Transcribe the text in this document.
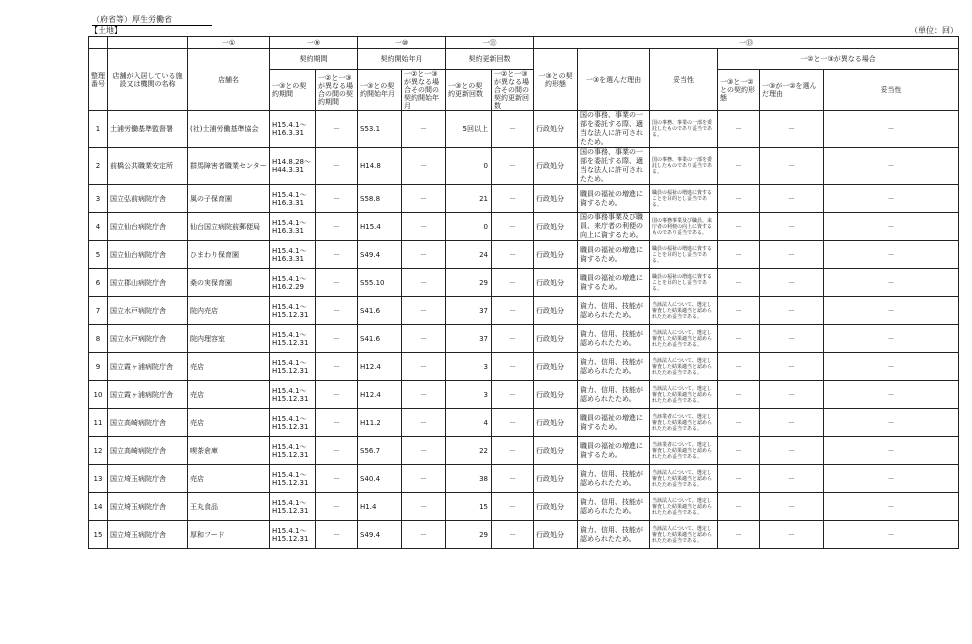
（府省等）厚生労働省
【土地】	（単位：回）
		一①	一⑨		一⑩		一⑪		一⑬					
整理番号	店舗が入居している施設又は機関の名称	店舗名	契約期間		契約開始年月		契約更新回数		一③との契約形態	一③を選んだ理由	妥当性	一②と一③が異なる場合		
			一③との契約期間	一②と一③が異なる場合の間の契約期間	一③との契約開始年月	一②と一③が異なる場合その間の契約開始年月	一③との契約更新回数	一②と一③が異なる場合その間の契約更新回数				一③と一②との契約形態	一③が一②を選んだ理由	妥当性
1	土浦労働基準監督署	(社)土浦労働基準協会	H15.4.1～H16.3.31	－	S53.1	－	5回以上	－	行政処分	国の事務、事業の一部を委託する際、適当な法人に許可されたため。	国の事務、事業の一部を委託したものであり妥当である。	－	－	－
2	前橋公共職業安定所	群馬障害者職業センター	H14.8.28～H44.3.31	－	H14.8	－	0	－	行政処分	国の事務、事業の一部を委託する際、適当な法人に許可されたため。	国の事務、事業の一部を委託したものであり妥当である。	－	－	－
3	国立弘前病院庁舎	風の子保育園	H15.4.1～H16.3.31	－	S58.8	－	21	－	行政処分	職員の福祉の増進に資するため。	職員の福祉の増進に資することを目的とし妥当である。	－	－	－
4	国立仙台病院庁舎	仙台国立病院前郵便局	H15.4.1～H16.3.31	－	H15.4	－	0	－	行政処分	国の事務事業及び職員、来庁者の利便の向上に資するため。	国の事務事業及び職員、来庁者の利便の向上に資するものであり妥当である。	－	－	－
5	国立仙台病院庁舎	ひまわり保育園	H15.4.1～H16.3.31	－	S49.4	－	24	－	行政処分	職員の福祉の増進に資するため。	職員の福祉の増進に資することを目的とし妥当である。	－	－	－
6	国立郡山病院庁舎	桑の実保育園	H15.4.1～H16.2.29	－	S55.10	－	29	－	行政処分	職員の福祉の増進に資するため。	職員の福祉の増進に資することを目的とし妥当である。	－	－	－
7	国立水戸病院庁舎	院内売店	H15.4.1～H15.12.31	－	S41.6	－	37	－	行政処分	資力、信用、技能が認められたため。	当該法人について、選定し審査した結果適当と認められたため妥当である。	－	－	－
8	国立水戸病院庁舎	院内理容室	H15.4.1～H15.12.31	－	S41.6	－	37	－	行政処分	資力、信用、技能が認められたため。	当該法人について、選定し審査した結果適当と認められたため妥当である。	－	－	－
9	国立霞ヶ浦病院庁舎	売店	H15.4.1～H15.12.31	－	H12.4	－	3	－	行政処分	資力、信用、技能が認められたため。	当該法人について、選定し審査した結果適当と認められたため妥当である。	－	－	－
10	国立霞ヶ浦病院庁舎	売店	H15.4.1～H15.12.31	－	H12.4	－	3	－	行政処分	資力、信用、技能が認められたため。	当該法人について、選定し審査した結果適当と認められたため妥当である。	－	－	－
11	国立高崎病院庁舎	売店	H15.4.1～H15.12.31	－	H11.2	－	4	－	行政処分	職員の福祉の増進に資するため。	当該業者について、選定し審査した結果適当と認められたため妥当である。	－	－	－
12	国立高崎病院庁舎	喫茶倉庫	H15.4.1～H15.12.31	－	S56.7	－	22	－	行政処分	職員の福祉の増進に資するため。	当該業者について、選定し審査した結果適当と認められたため妥当である。	－	－	－
13	国立埼玉病院庁舎	売店	H15.4.1～H15.12.31	－	S40.4	－	38	－	行政処分	資力、信用、技能が認められたため。	当該法人について、選定し審査した結果適当と認められたため妥当である。	－	－	－
14	国立埼玉病院庁舎	王丸食品	H15.4.1～H15.12.31	－	H1.4	－	15	－	行政処分	資力、信用、技能が認められたため。	当該法人について、選定し審査した結果適当と認められたため妥当である。	－	－	－
15	国立埼玉病院庁舎	厚和フード	H15.4.1～H15.12.31	－	S49.4	－	29	－	行政処分	資力、信用、技能が認められたため。	当該法人について、選定し審査した結果適当と認められたため妥当である。	－	－	－
